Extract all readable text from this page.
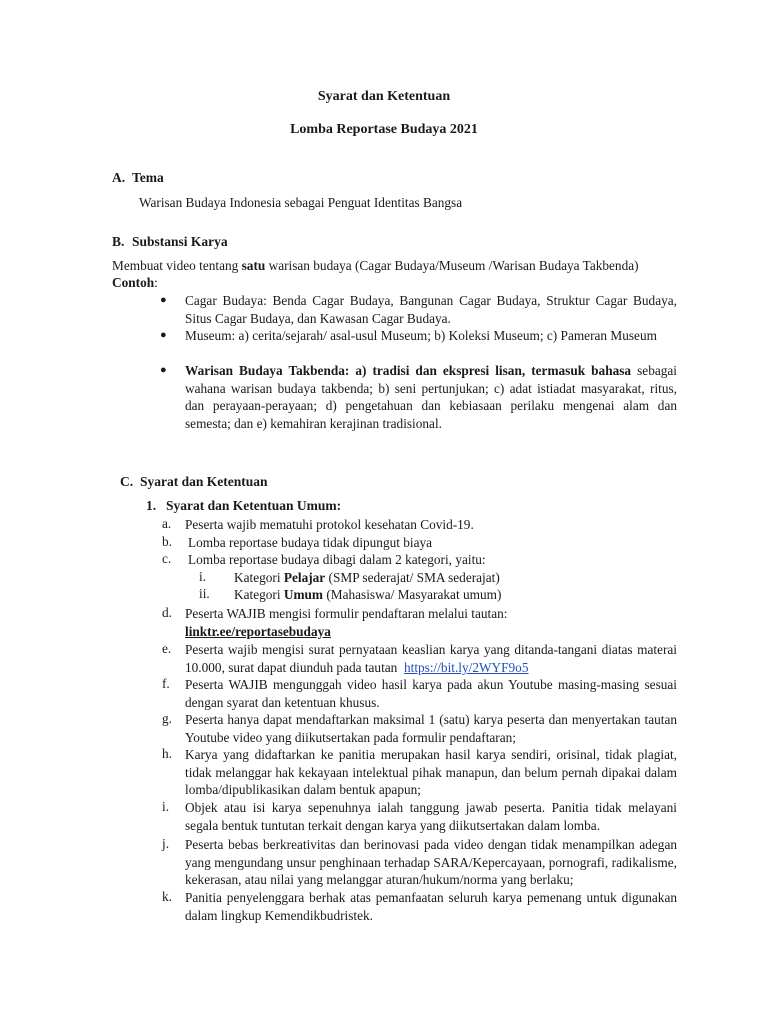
Syarat dan Ketentuan
Lomba Reportase Budaya 2021
A. Tema
Warisan Budaya Indonesia sebagai Penguat Identitas Bangsa
B. Substansi Karya
Membuat video tentang satu warisan budaya (Cagar Budaya/Museum /Warisan Budaya Takbenda)
Contoh:
● Cagar Budaya: Benda Cagar Budaya, Bangunan Cagar Budaya, Struktur Cagar Budaya, Situs Cagar Budaya, dan Kawasan Cagar Budaya.
● Museum: a) cerita/sejarah/ asal-usul Museum; b) Koleksi Museum; c) Pameran Museum
● Warisan Budaya Takbenda: a) tradisi dan ekspresi lisan, termasuk bahasa sebagai wahana warisan budaya takbenda; b) seni pertunjukan; c) adat istiadat masyarakat, ritus, dan perayaan-perayaan; d) pengetahuan dan kebiasaan perilaku mengenai alam dan semesta; dan e) kemahiran kerajinan tradisional.
C. Syarat dan Ketentuan
1. Syarat dan Ketentuan Umum:
a. Peserta wajib mematuhi protokol kesehatan Covid-19.
b. Lomba reportase budaya tidak dipungut biaya
c. Lomba reportase budaya dibagi dalam 2 kategori, yaitu:
i. Kategori Pelajar (SMP sederajat/ SMA sederajat)
ii. Kategori Umum (Mahasiswa/ Masyarakat umum)
d. Peserta WAJIB mengisi formulir pendaftaran melalui tautan:
linktr.ee/reportasebudaya
e. Peserta wajib mengisi surat pernyataan keaslian karya yang ditanda-tangani diatas materai 10.000, surat dapat diunduh pada tautan https://bit.ly/2WYF9o5
f. Peserta WAJIB mengunggah video hasil karya pada akun Youtube masing-masing sesuai dengan syarat dan ketentuan khusus.
g. Peserta hanya dapat mendaftarkan maksimal 1 (satu) karya peserta dan menyertakan tautan Youtube video yang diikutsertakan pada formulir pendaftaran;
h. Karya yang didaftarkan ke panitia merupakan hasil karya sendiri, orisinal, tidak plagiat, tidak melanggar hak kekayaan intelektual pihak manapun, dan belum pernah dipakai dalam lomba/dipublikasikan dalam bentuk apapun;
i. Objek atau isi karya sepenuhnya ialah tanggung jawab peserta. Panitia tidak melayani segala bentuk tuntutan terkait dengan karya yang diikutsertakan dalam lomba.
j. Peserta bebas berkreativitas dan berinovasi pada video dengan tidak menampilkan adegan yang mengundang unsur penghinaan terhadap SARA/Kepercayaan, pornografi, radikalisme, kekerasan, atau nilai yang melanggar aturan/hukum/norma yang berlaku;
k. Panitia penyelenggara berhak atas pemanfaatan seluruh karya pemenang untuk digunakan dalam lingkup Kemendikbudristek.
